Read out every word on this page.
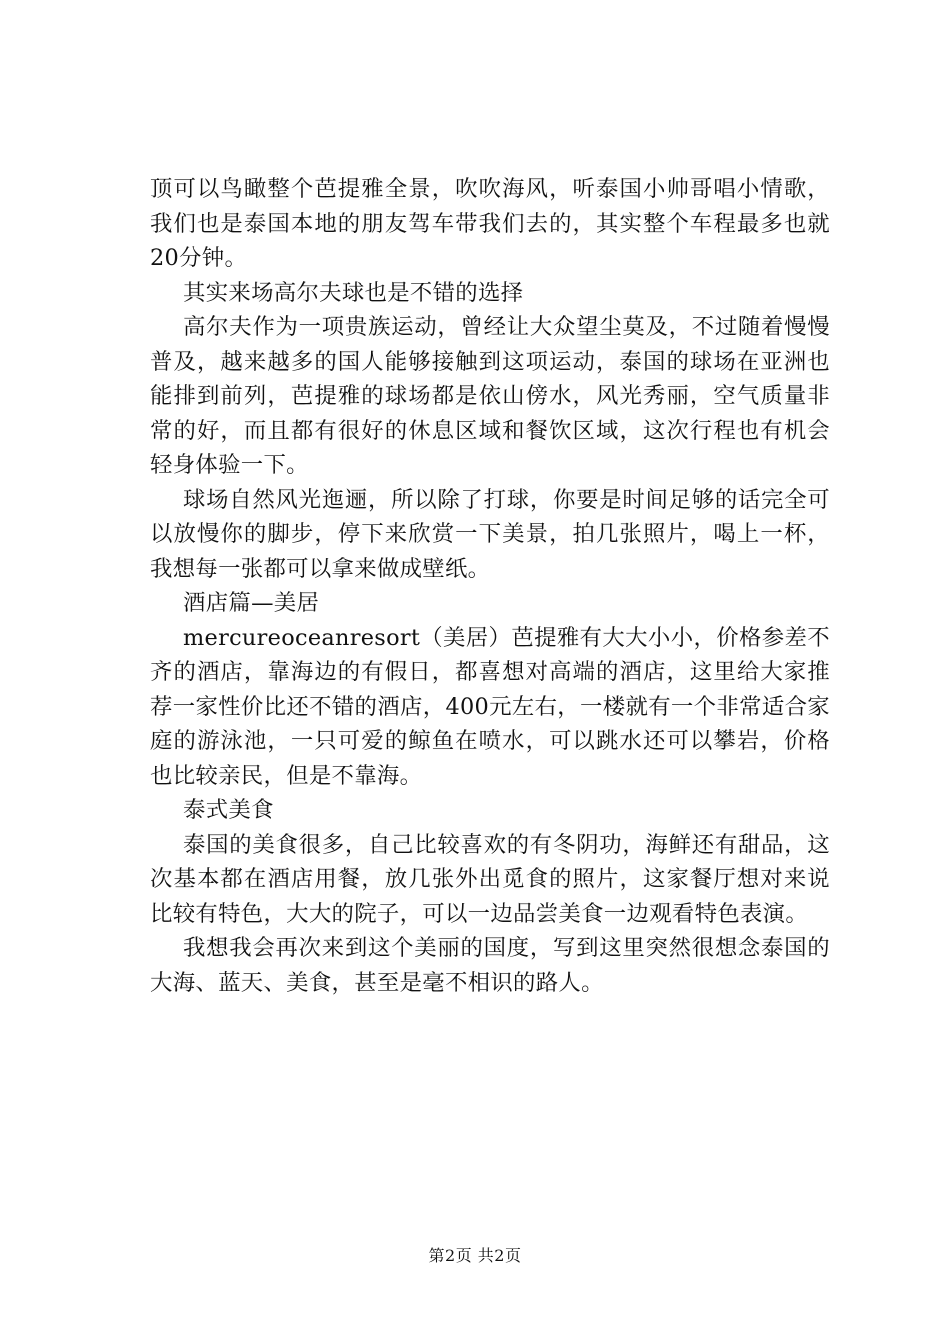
顶可以鸟瞰整个芭提雅全景，吹吹海风，听泰国小帅哥唱小情歌，我们也是泰国本地的朋友驾车带我们去的，其实整个车程最多也就20分钟。

其实来场高尔夫球也是不错的选择

高尔夫作为一项贵族运动，曾经让大众望尘莫及，不过随着慢慢普及，越来越多的国人能够接触到这项运动，泰国的球场在亚洲也能排到前列，芭提雅的球场都是依山傍水，风光秀丽，空气质量非常的好，而且都有很好的休息区域和餐饮区域，这次行程也有机会轻身体验一下。

球场自然风光迤逦，所以除了打球，你要是时间足够的话完全可以放慢你的脚步，停下来欣赏一下美景，拍几张照片，喝上一杯，我想每一张都可以拿来做成壁纸。

酒店篇—美居

mercureoceanresort（美居）芭提雅有大大小小，价格参差不齐的酒店，靠海边的有假日，都喜想对高端的酒店，这里给大家推荐一家性价比还不错的酒店，400元左右，一楼就有一个非常适合家庭的游泳池，一只可爱的鲸鱼在喷水，可以跳水还可以攀岩，价格也比较亲民，但是不靠海。

泰式美食

泰国的美食很多，自己比较喜欢的有冬阴功，海鲜还有甜品，这次基本都在酒店用餐，放几张外出觅食的照片，这家餐厅想对来说比较有特色，大大的院子，可以一边品尝美食一边观看特色表演。

我想我会再次来到这个美丽的国度，写到这里突然很想念泰国的大海、蓝天、美食，甚至是毫不相识的路人。

第2页 共2页
